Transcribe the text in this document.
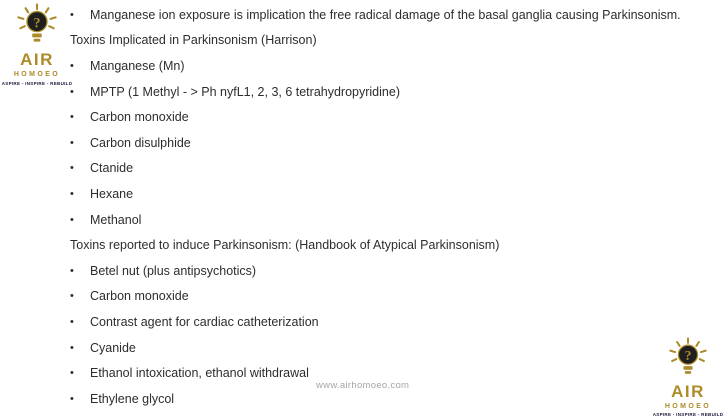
?
AIR
HOMOEO
ASPIRE - INSPIRE - REBUILD
•	Manganese ion exposure is implication the free radical damage of the basal ganglia causing Parkinsonism.
Toxins Implicated in Parkinsonism (Harrison)
•	Manganese (Mn)
•	MPTP (1 Methyl - > Ph nyfL1, 2, 3, 6 tetrahydropyridine)
•	Carbon monoxide
•	Carbon disulphide
•	Ctanide
•	Hexane
•	Methanol
Toxins reported to induce Parkinsonism: (Handbook of Atypical Parkinsonism)
•	Betel nut (plus antipsychotics)
•	Carbon monoxide
•	Contrast agent for cardiac catheterization
•	Cyanide
•	Ethanol intoxication, ethanol withdrawal
•	Ethylene glycol
www.airhomoeo.com
?
AIR
HOMOEO
ASPIRE - INSPIRE - REBUILD
